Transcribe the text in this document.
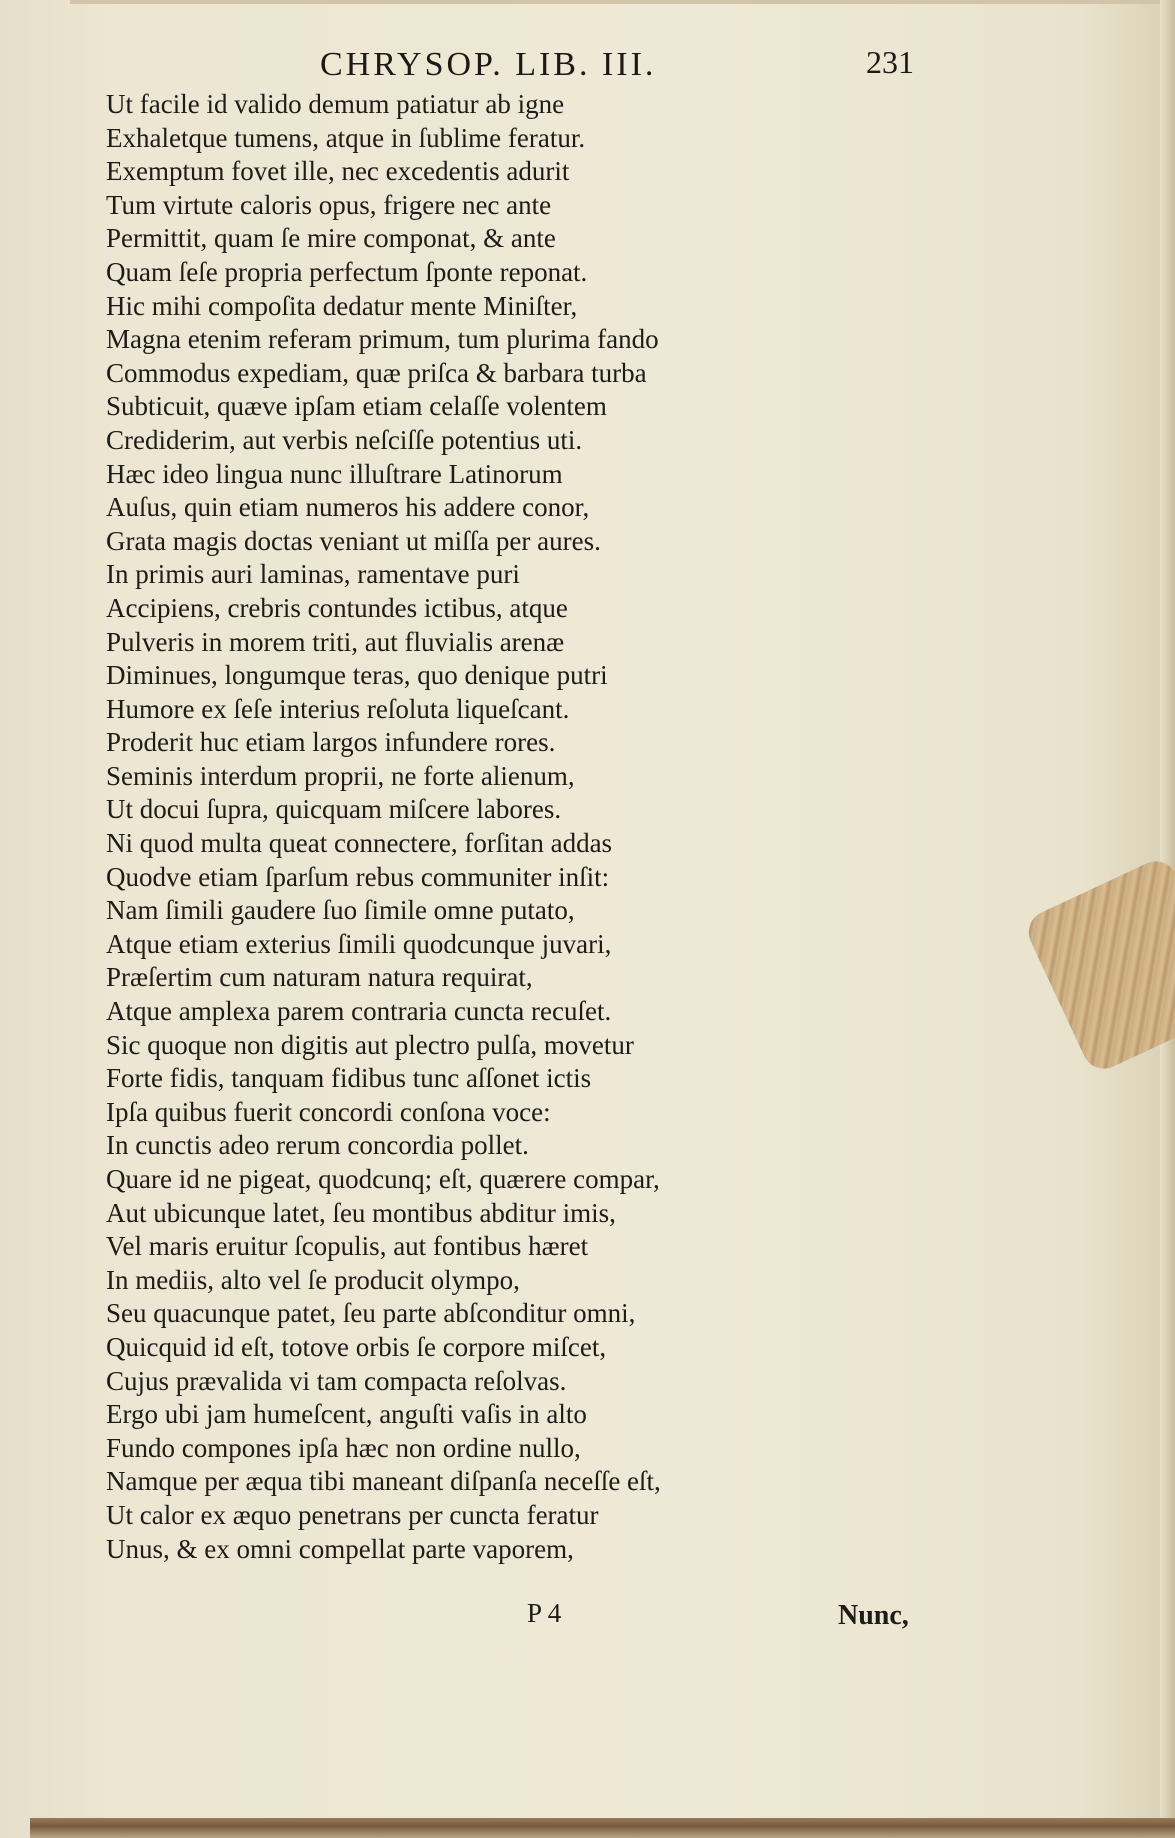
CHRYSOP. LIB. III.	231
Ut facile id valido demum patiatur ab igne
Exhaletque tumens, atque in ſublime feratur.
Exemptum fovet ille, nec excedentis adurit
Tum virtute caloris opus, frigere nec ante
Permittit, quam ſe mire componat, & ante
Quam ſeſe propria perfectum ſponte reponat.
Hic mihi compoſita dedatur mente Miniſter,
Magna etenim referam primum, tum plurima fando
Commodus expediam, quæ priſca & barbara turba
Subticuit, quæve ipſam etiam celaſſe volentem
Crediderim, aut verbis neſciſſe potentius uti.
Hæc ideo lingua nunc illuſtrare Latinorum
Auſus, quin etiam numeros his addere conor,
Grata magis doctas veniant ut miſſa per aures.
In primis auri laminas, ramentave puri
Accipiens, crebris contundes ictibus, atque
Pulveris in morem triti, aut fluvialis arenæ
Diminues, longumque teras, quo denique putri
Humore ex ſeſe interius reſoluta liqueſcant.
Proderit huc etiam largos infundere rores.
Seminis interdum proprii, ne forte alienum,
Ut docui ſupra, quicquam miſcere labores.
Ni quod multa queat connectere, forſitan addas
Quodve etiam ſparſum rebus communiter inſit:
Nam ſimili gaudere ſuo ſimile omne putato,
Atque etiam exterius ſimili quodcunque juvari,
Præſertim cum naturam natura requirat,
Atque amplexa parem contraria cuncta recuſet.
Sic quoque non digitis aut plectro pulſa, movetur
Forte fidis, tanquam fidibus tunc aſſonet ictis
Ipſa quibus fuerit concordi conſona voce:
In cunctis adeo rerum concordia pollet.
Quare id ne pigeat, quodcunq; eſt, quærere compar,
Aut ubicunque latet, ſeu montibus abditur imis,
Vel maris eruitur ſcopulis, aut fontibus hæret
In mediis, alto vel ſe producit olympo,
Seu quacunque patet, ſeu parte abſconditur omni,
Quicquid id eſt, totove orbis ſe corpore miſcet,
Cujus prævalida vi tam compacta reſolvas.
Ergo ubi jam humeſcent, anguſti vaſis in alto
Fundo compones ipſa hæc non ordine nullo,
Namque per æqua tibi maneant diſpanſa neceſſe eſt,
Ut calor ex æquo penetrans per cuncta feratur
Unus, & ex omni compellat parte vaporem,
P 4	Nunc,
